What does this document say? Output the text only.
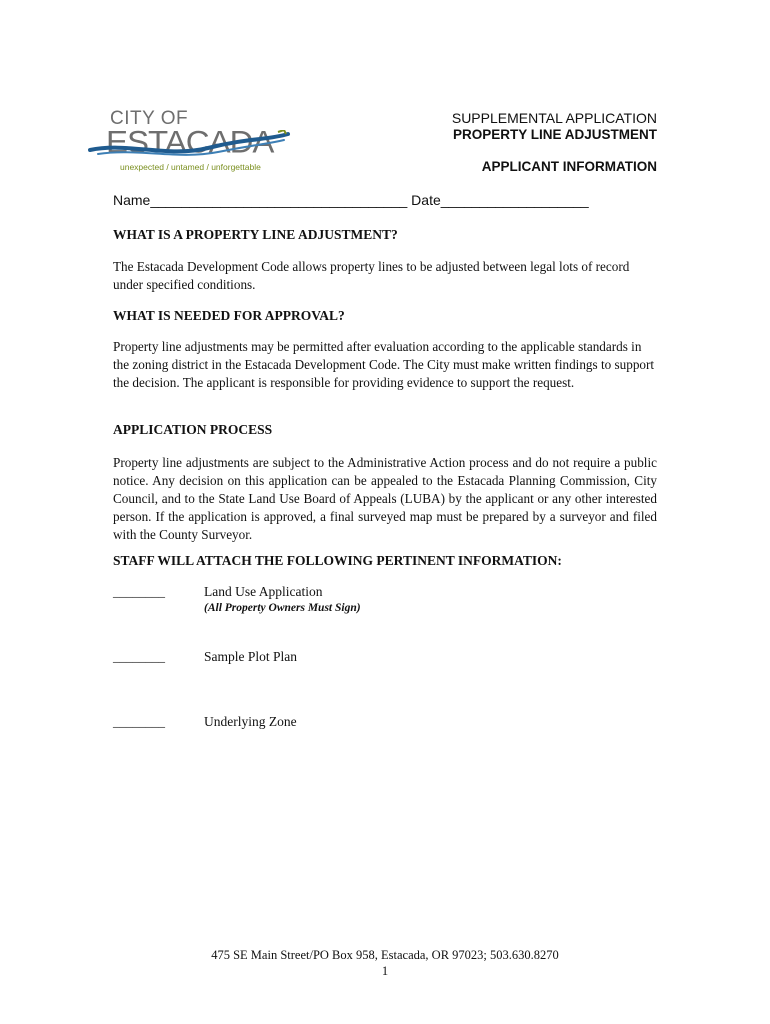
CITY OF
ESTACADA
unexpected / untamed / unforgettable
SUPPLEMENTAL APPLICATION
PROPERTY LINE ADJUSTMENT
APPLICANT INFORMATION
Name_________________________________ Date___________________
WHAT IS A PROPERTY LINE ADJUSTMENT?
The Estacada Development Code allows property lines to be adjusted between legal lots of record under specified conditions.
WHAT IS NEEDED FOR APPROVAL?
Property line adjustments may be permitted after evaluation according to the applicable standards in the zoning district in the Estacada Development Code. The City must make written findings to support the decision. The applicant is responsible for providing evidence to support the request.
APPLICATION PROCESS
Property line adjustments are subject to the Administrative Action process and do not require a public notice. Any decision on this application can be appealed to the Estacada Planning Commission, City Council, and to the State Land Use Board of Appeals (LUBA) by the applicant or any other interested person. If the application is approved, a final surveyed map must be prepared by a surveyor and filed with the County Surveyor.
STAFF WILL ATTACH THE FOLLOWING PERTINENT INFORMATION:
________	Land Use Application
(All Property Owners Must Sign)
________	Sample Plot Plan
________	Underlying Zone
475 SE Main Street/PO Box 958, Estacada, OR 97023; 503.630.8270
1
